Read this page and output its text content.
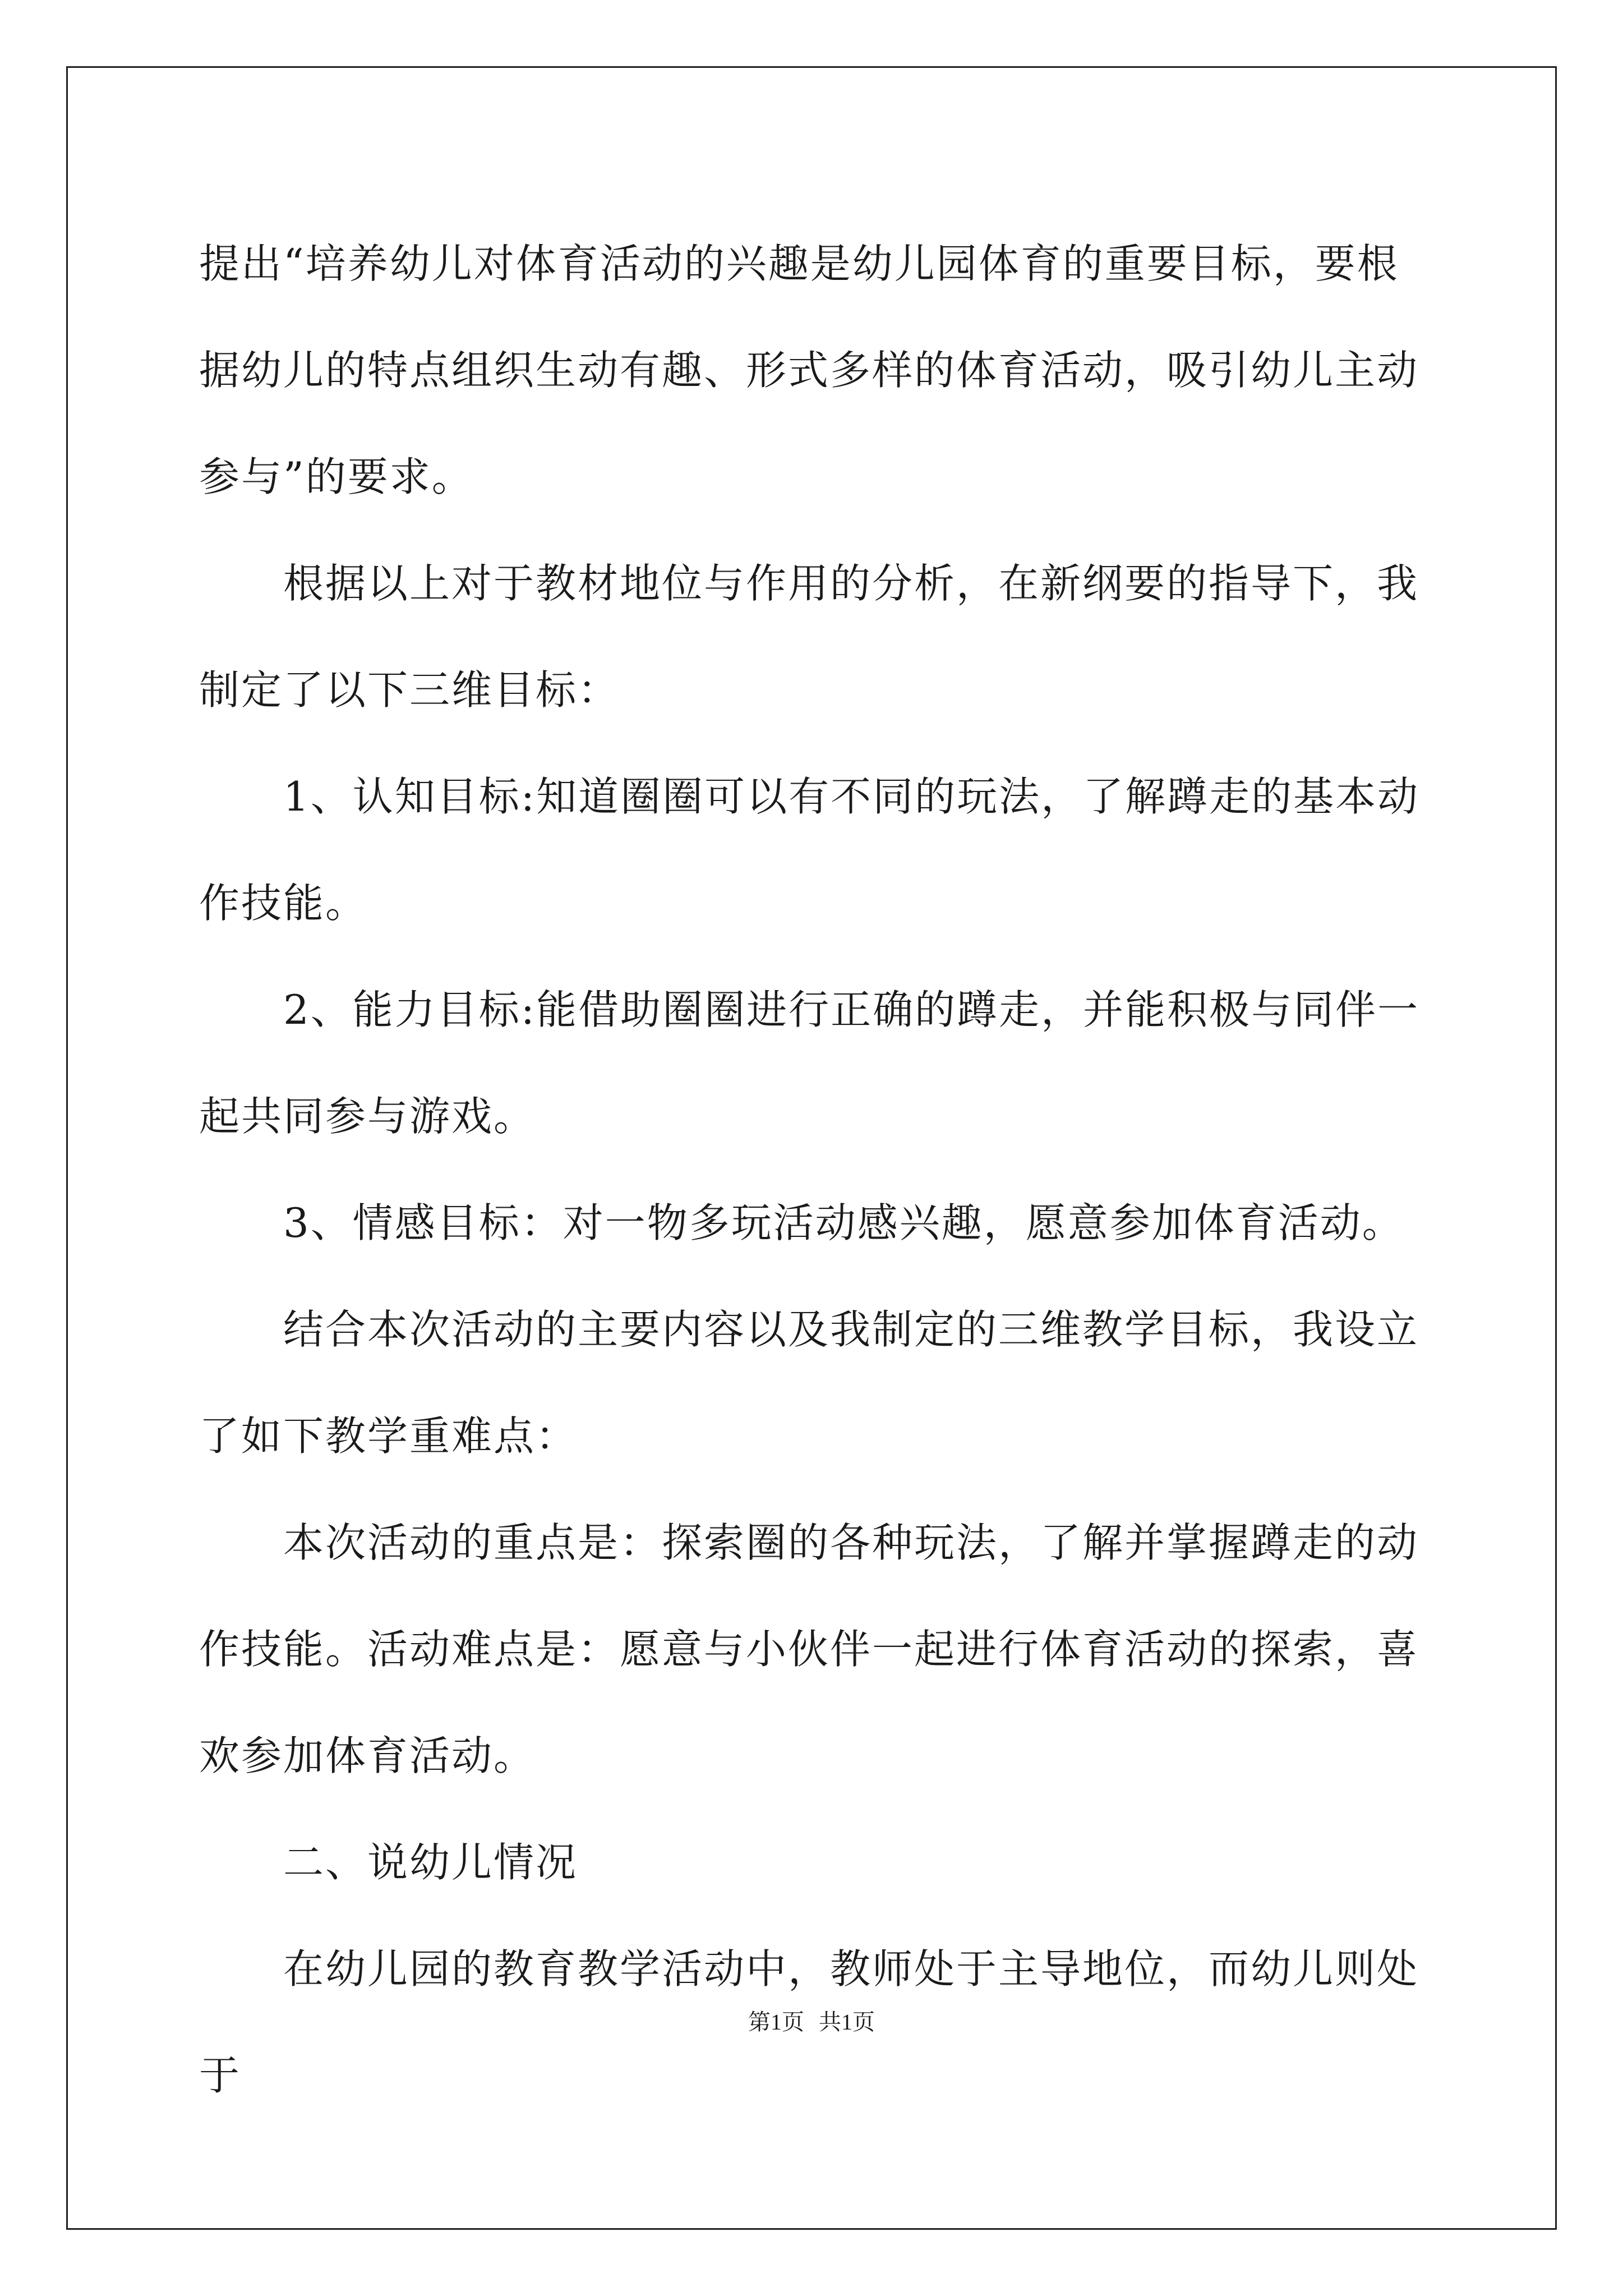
提出“培养幼儿对体育活动的兴趣是幼儿园体育的重要目标，要根据幼儿的特点组织生动有趣、形式多样的体育活动，吸引幼儿主动参与”的要求。

根据以上对于教材地位与作用的分析，在新纲要的指导下，我制定了以下三维目标：

1、认知目标:知道圈圈可以有不同的玩法，了解蹲走的基本动作技能。

2、能力目标:能借助圈圈进行正确的蹲走，并能积极与同伴一起共同参与游戏。

3、情感目标：对一物多玩活动感兴趣，愿意参加体育活动。

结合本次活动的主要内容以及我制定的三维教学目标，我设立了如下教学重难点：

本次活动的重点是：探索圈的各种玩法，了解并掌握蹲走的动作技能。活动难点是：愿意与小伙伴一起进行体育活动的探索，喜欢参加体育活动。

二、说幼儿情况

在幼儿园的教育教学活动中，教师处于主导地位，而幼儿则处于

第1页 共1页
